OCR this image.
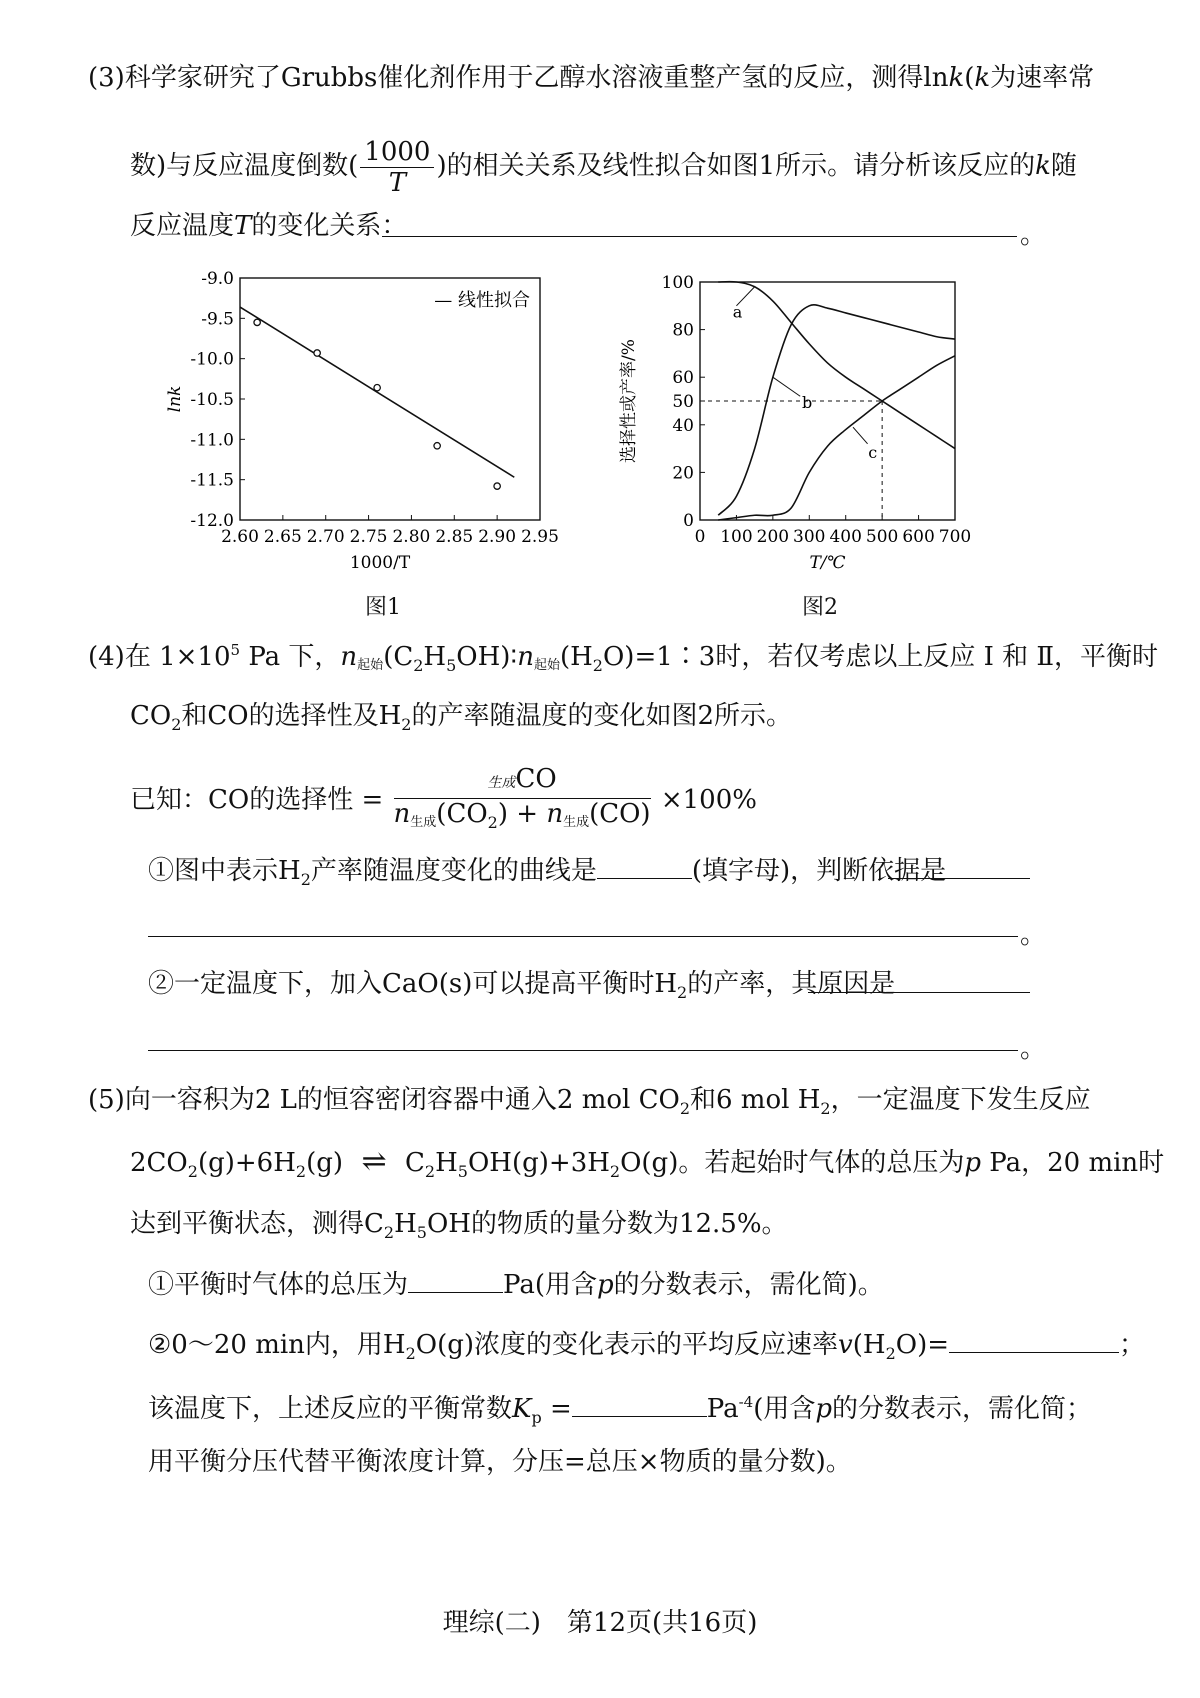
(3)科学家研究了Grubbs催化剂作用于乙醇水溶液重整产氢的反应，测得lnk(k为速率常
数)与反应温度倒数( $\frac{1000}{T}$ )的相关关系及线性拟合如图1所示。请分析该反应的k随
反应温度T的变化关系：	。
-9.0
-9.5
-10.0
-10.5
-11.0
-11.5
-12.0
2.60 2.65 2.70 2.75 2.80 2.85 2.90 2.95
lnk
1000/T
— 线性拟合
图1
0
20
40
50
60
80
100
0 100 200 300 400 500 600 700
选择性或产率/%
T/℃
a
b
c
图2
(4)在 $1\times 10^5$ Pa 下，n起始$(C_2H_5OH)∶n$起始$(H_2O)=1∶3$时，若仅考虑以上反应 Ⅰ 和 Ⅱ，平衡时
$CO_2$和CO的选择性及$H_2$的产率随温度的变化如图2所示。
已知：CO的选择性 = $\frac{\text{生成CO}}{n生成(CO_2) + n生成(CO)} \times 100\%$
①图中表示$H_2$产率随温度变化的曲线是	(填字母)，判断依据是
。
②一定温度下，加入CaO(s)可以提高平衡时$H_2$的产率，其原因是
。
(5)向一容积为2 L的恒容密闭容器中通入2 mol $CO_2$和6 mol $H_2$，一定温度下发生反应
$2CO_2(g)+6H_2(g)$ ⇌ $C_2H_5OH(g)+3H_2O(g)$。若起始时气体的总压为p Pa，20 min时
达到平衡状态，测得$C_2H_5OH$的物质的量分数为12.5%。
①平衡时气体的总压为	Pa(用含p的分数表示，需化简)。
②0～20 min内，用$H_2O(g)$浓度的变化表示的平均反应速率$v(H_2O)=$	；
该温度下，上述反应的平衡常数$K_p$ =	$Pa^{-4}$(用含p的分数表示，需化简；
用平衡分压代替平衡浓度计算，分压=总压×物质的量分数)。
理综(二)　第12页(共16页)
